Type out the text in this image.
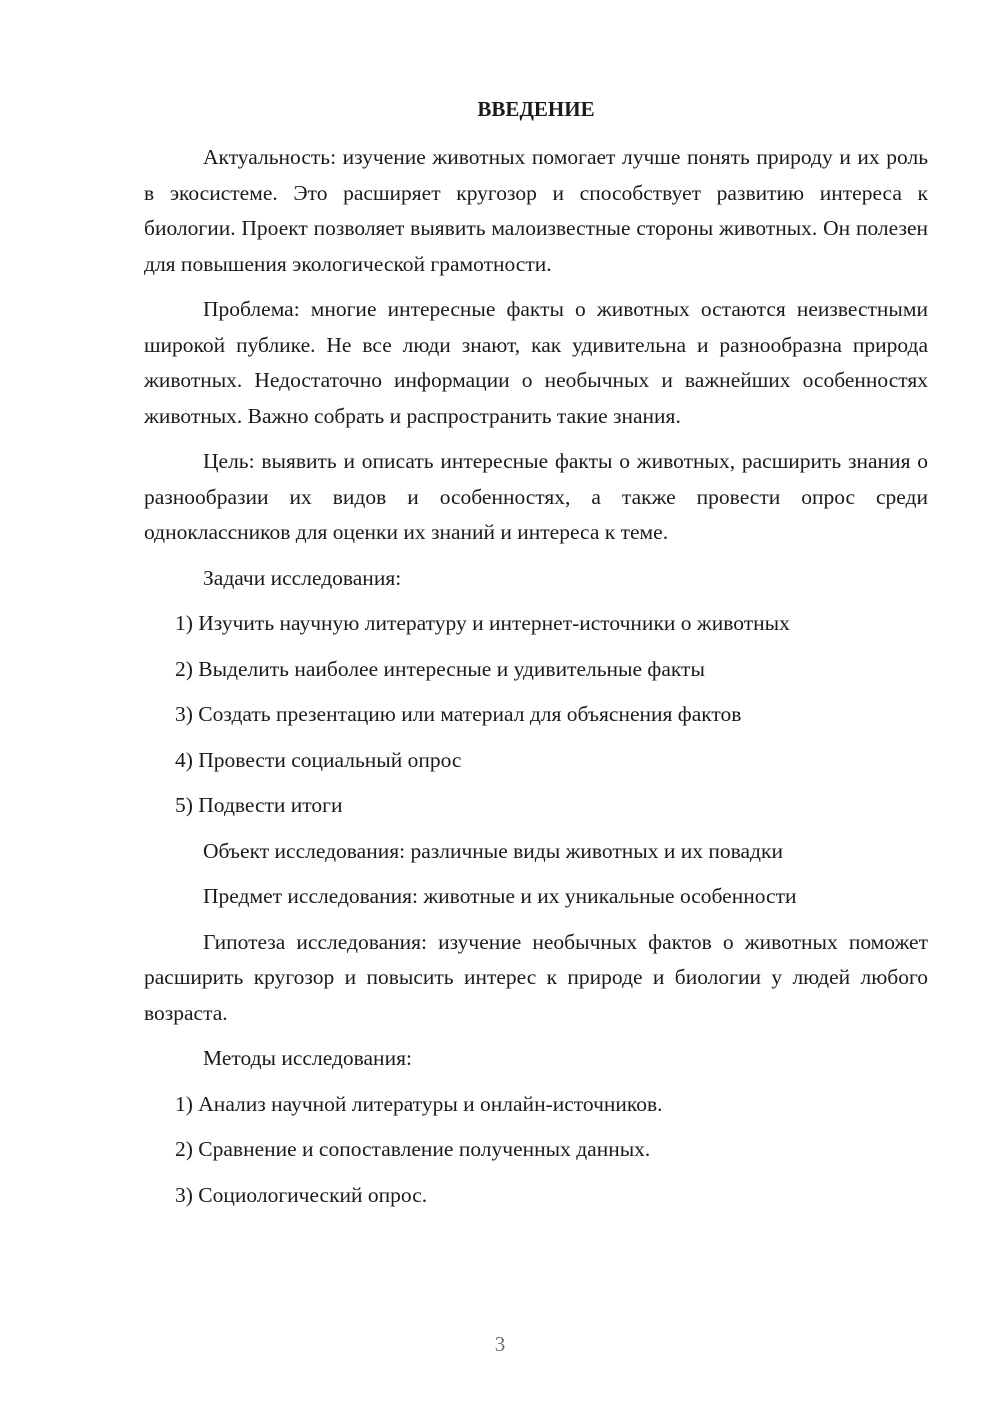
ВВЕДЕНИЕ

Актуальность: изучение животных помогает лучше понять природу и их роль в экосистеме. Это расширяет кругозор и способствует развитию интереса к биологии. Проект позволяет выявить малоизвестные стороны животных. Он полезен для повышения экологической грамотности.

Проблема: многие интересные факты о животных остаются неизвестными широкой публике. Не все люди знают, как удивительна и разнообразна природа животных. Недостаточно информации о необычных и важнейших особенностях животных. Важно собрать и распространить такие знания.

Цель: выявить и описать интересные факты о животных, расширить знания о разнообразии их видов и особенностях, а также провести опрос среди одноклассников для оценки их знаний и интереса к теме.

Задачи исследования:

1) Изучить научную литературу и интернет-источники о животных

2) Выделить наиболее интересные и удивительные факты

3) Создать презентацию или материал для объяснения фактов

4) Провести социальный опрос

5) Подвести итоги

Объект исследования: различные виды животных и их повадки

Предмет исследования: животные и их уникальные особенности

Гипотеза исследования: изучение необычных фактов о животных поможет расширить кругозор и повысить интерес к природе и биологии у людей любого возраста.

Методы исследования:

1) Анализ научной литературы и онлайн-источников.

2) Сравнение и сопоставление полученных данных.

3) Социологический опрос.

3
